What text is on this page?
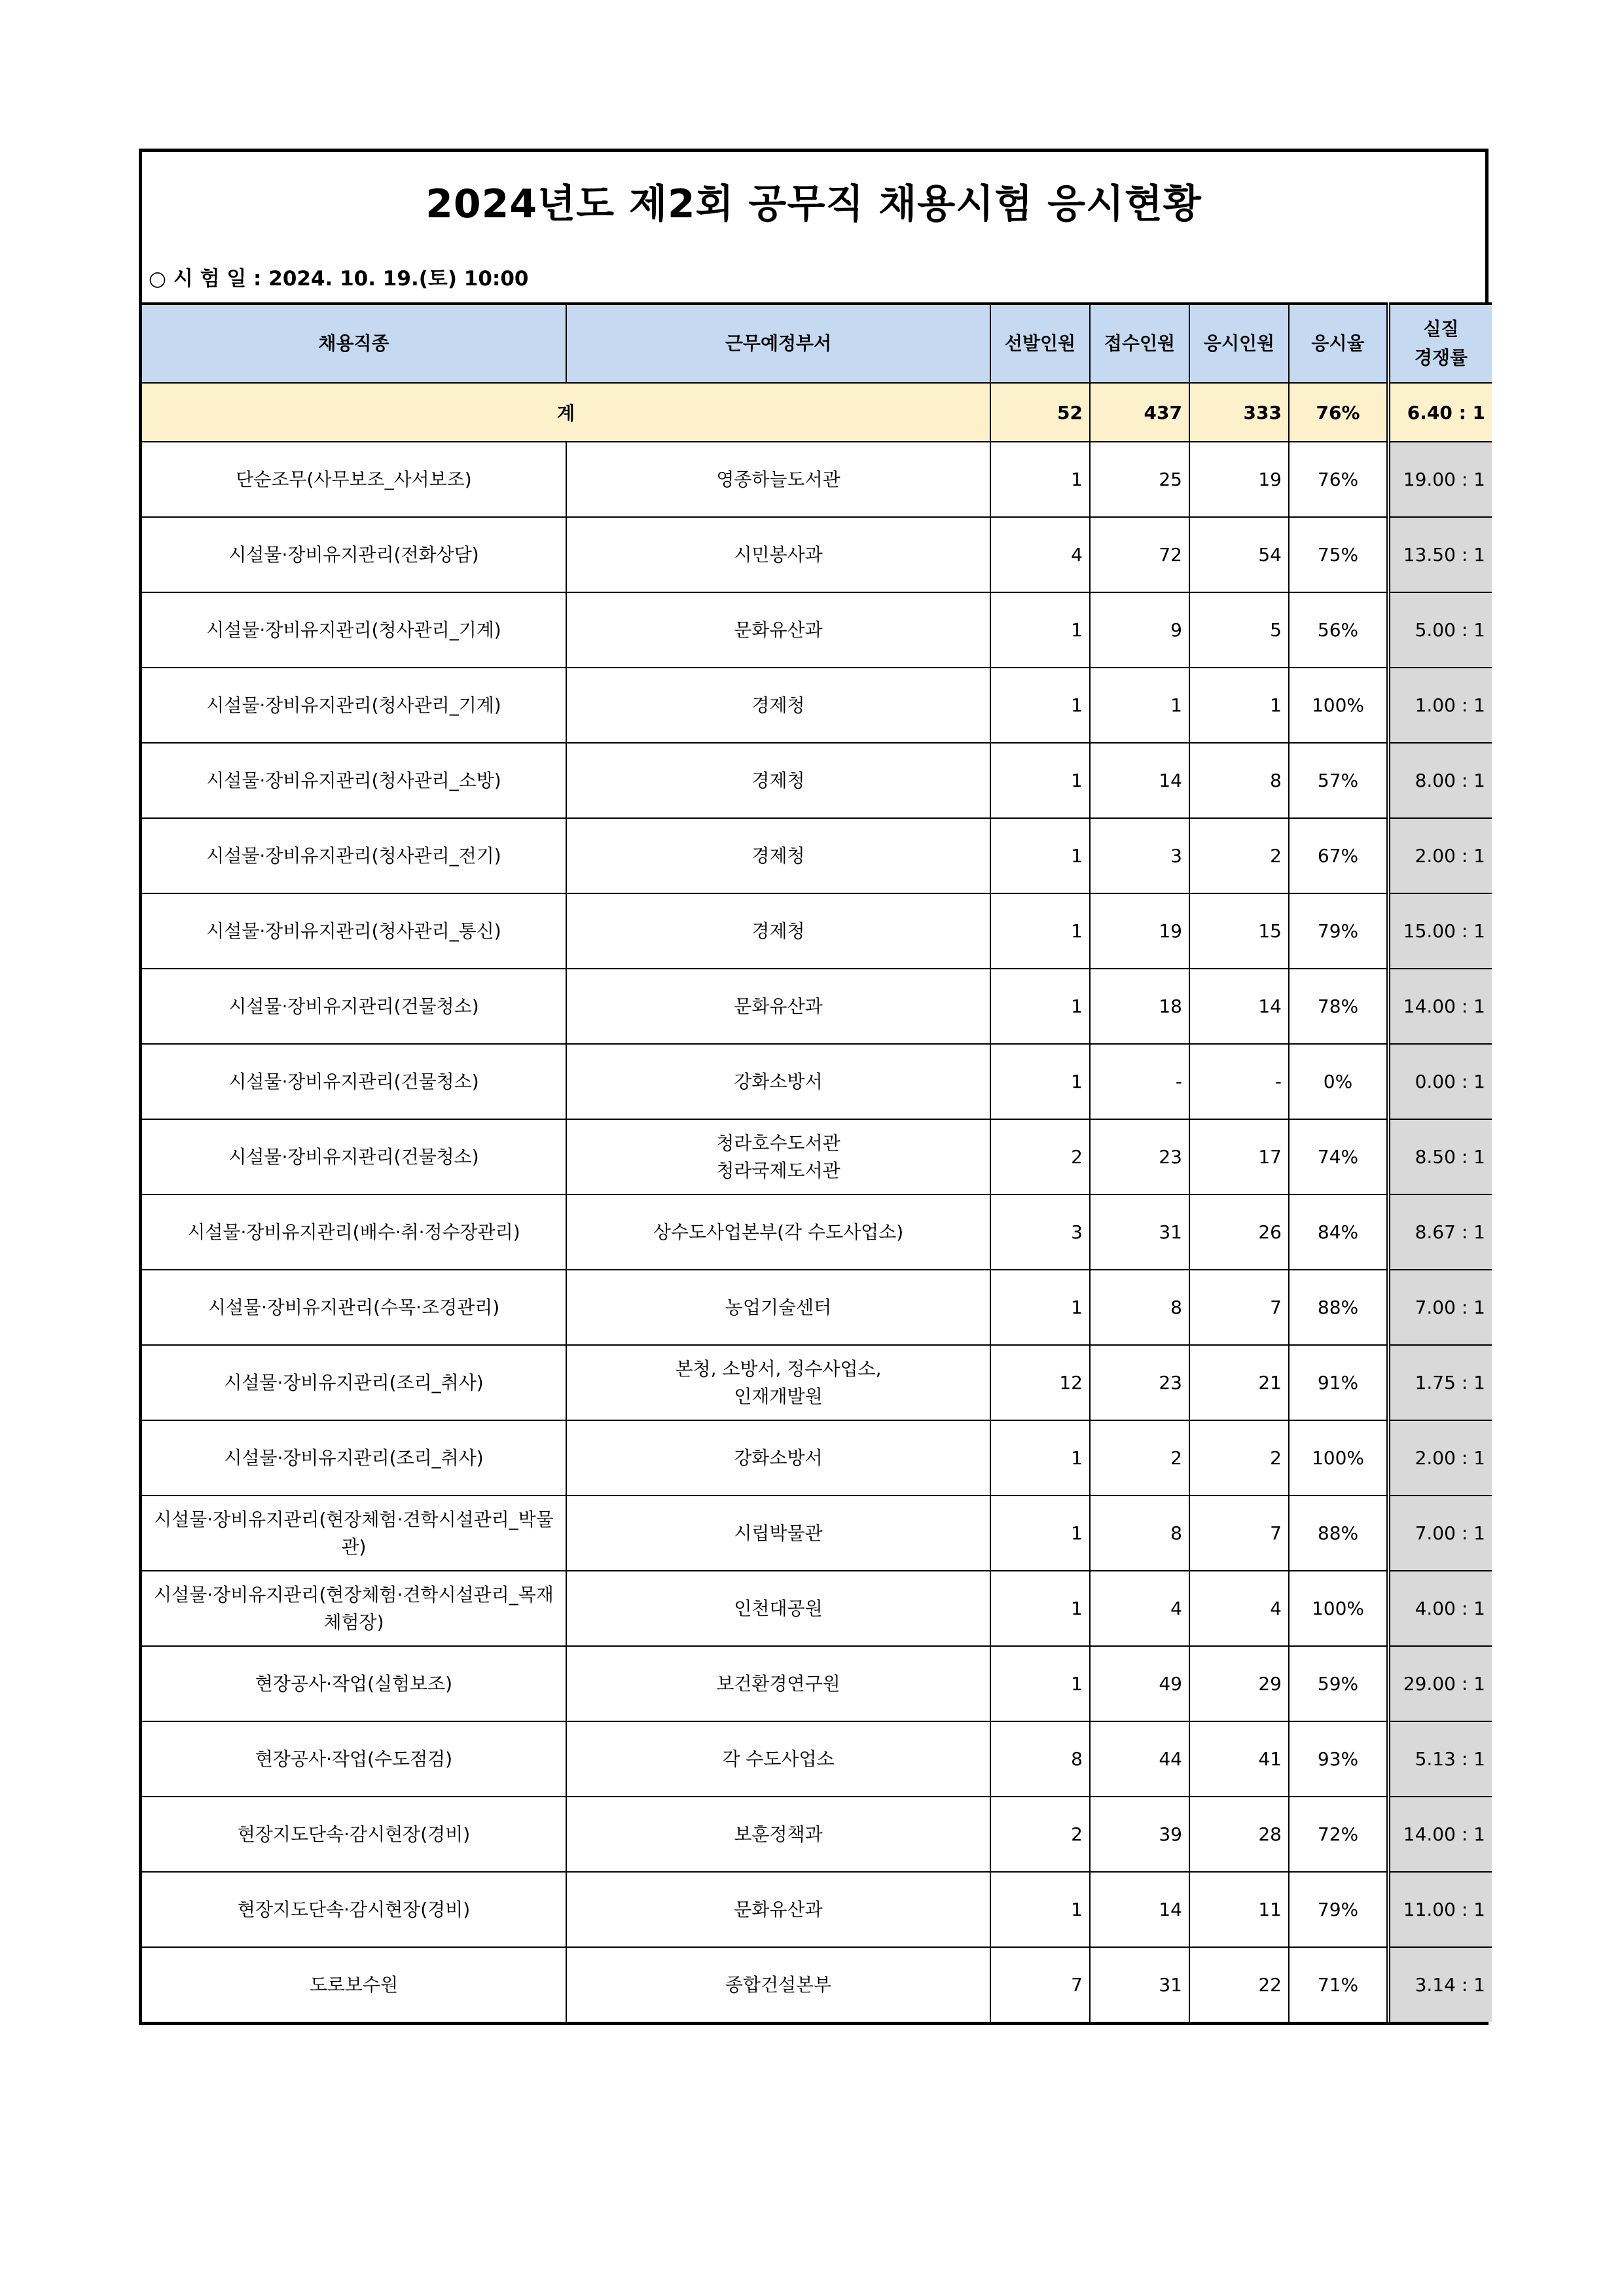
2024년도 제2회 공무직 채용시험 응시현황
○ 시 험 일 : 2024. 10. 19.(토) 10:00
채용직종	근무예정부서	선발인원	접수인원	응시인원	응시율	실질
경쟁률

계		52	437	333	76%	6.40 : 1
단순조무(사무보조_사서보조)	영종하늘도서관	1	25	19	76%	19.00 : 1
시설물·장비유지관리(전화상담)	시민봉사과	4	72	54	75%	13.50 : 1
시설물·장비유지관리(청사관리_기계)	문화유산과	1	9	5	56%	5.00 : 1
시설물·장비유지관리(청사관리_기계)	경제청	1	1	1	100%	1.00 : 1
시설물·장비유지관리(청사관리_소방)	경제청	1	14	8	57%	8.00 : 1
시설물·장비유지관리(청사관리_전기)	경제청	1	3	2	67%	2.00 : 1
시설물·장비유지관리(청사관리_통신)	경제청	1	19	15	79%	15.00 : 1
시설물·장비유지관리(건물청소)	문화유산과	1	18	14	78%	14.00 : 1
시설물·장비유지관리(건물청소)	강화소방서	1	-	-	0%	0.00 : 1
시설물·장비유지관리(건물청소)	청라호수도서관
청라국제도서관	2	23	17	74%	8.50 : 1
시설물·장비유지관리(배수·취·정수장관리)	상수도사업본부(각 수도사업소)	3	31	26	84%	8.67 : 1
시설물·장비유지관리(수목·조경관리)	농업기술센터	1	8	7	88%	7.00 : 1
시설물·장비유지관리(조리_취사)	본청, 소방서, 정수사업소,
인재개발원	12	23	21	91%	1.75 : 1
시설물·장비유지관리(조리_취사)	강화소방서	1	2	2	100%	2.00 : 1
시설물·장비유지관리(현장체험·견학시설관리_박물관)	시립박물관	1	8	7	88%	7.00 : 1
시설물·장비유지관리(현장체험·견학시설관리_목재체험장)	인천대공원	1	4	4	100%	4.00 : 1
현장공사·작업(실험보조)	보건환경연구원	1	49	29	59%	29.00 : 1
현장공사·작업(수도점검)	각 수도사업소	8	44	41	93%	5.13 : 1
현장지도단속·감시현장(경비)	보훈정책과	2	39	28	72%	14.00 : 1
현장지도단속·감시현장(경비)	문화유산과	1	14	11	79%	11.00 : 1
도로보수원	종합건설본부	7	31	22	71%	3.14 : 1
